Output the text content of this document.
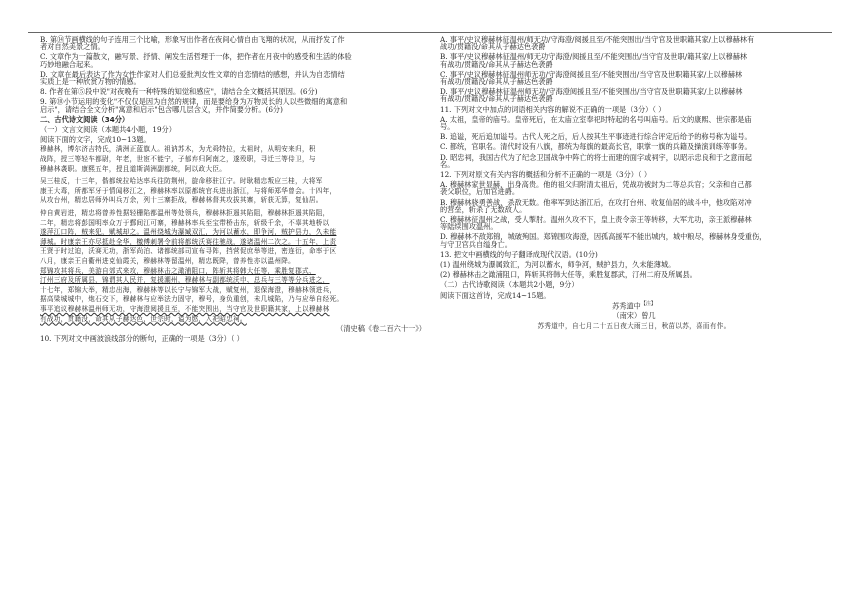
B. 第⑭节画横线的句子连用三个比喻，形象写出作者在夜间心情自由飞翔的状况，从而抒发了作

者对自然美景之情。

C. 文章作为一篇散文，融写景、抒情、阐发生活哲理于一体，把作者在月夜中的感受和生活的体验

巧妙地融合起来。

D. 文章在最后表达了作为女性作家对人们总爱批判女性文章的自恋情结的感想，并认为自恋情结

实质上是一种欣赏万物的情感。

8. 作者在第⑤段中说"对夜晚有一种特殊的知觉和感应"，请结合全文概括其原因。(6分)

9. 第⑩小节运用的变化"不仅仅是因为自然的规律，而是要给身为万物灵长的人以些微细的寓意和

启示"，请结合全文分析"寓意和启示"包含哪几层含义，并作简要分析。(6分)

二、古代诗文阅读（34分）

（一）文言文阅读（本题共4小题，19分）

阅读下面的文字，完成10~13题。

穆赫林，博尔济吉特氏，满洲正蓝旗人。祖讷苏木，为尤舜特拉，太祖时，从明安来归，积

战阵，授三等轻车都尉，年老，世宦不能宁，子郁弃归阿南之，遂殁职，寻迁三等侍卫，与

穆赫林袭职。康熙五年，授且道斯满洲副都统，阿以政大臣。

吴三桂反，十三年，偕都统拉哈达率兵往防荆州，旋命移驻江宁。时耿精忠叛应三桂，大将军

康王大毒，所都军牙于情闻移江之，穆赫林率以原都统官兵进出浙江，与将师郑华曾会。十四年，

从攻台州，精忠居师外叫兵万余，列十三寨拒战，穆赫林督其攻拔其寨，斩获无算，复仙居。

仲自黄岩进，精忠将曾养性据轻栅陷都温州等处领兵，穆赫林拒遏其陷阻，穆赫林拒遏其陷阻，

二年，精忠将彭国明率众万于鄞间江可寨，穆赫林率兵至宝带桥击东，斩级千余，不辜其地桥以

遂萍江口阵，贼来犯，赋城却之。温州绕城为瀑臧双汇，为河以蓄水，即争河，贼护县力，久未能

薄城。时康亲王亦尽抵赴全华，檄傅刺署令前将都统沃赛往驰战，遂诸温州二次之。十五年，上责

王贤于时过迫，沃赛无功，浙军尚泊、诸都统部司宣布寻阵，挡营促庶举等进，密连衍，命率于区

八月，康亲王自衢州进克仙霞关，穆赫林等留温州，精忠既降，曾养性亦以温州降。

郑锦攻其将兵，美游自郊式来攻，穆赫林击之澉浦阻口，阵斩其将韩大任等，乘胜复郡式、

汀州三府及所属县，锦谓其人民并，复援潮州，穆赫林与副都统沃申、总兵与三等等分兵进之，

十七年，郑锦大举，精忠出海，穆赫林等以长宁与锦军大战，赋复州，退保海澄，穆赫林领进兵，

据高梁城城中，炮石交下，穆赫林与应举法力固守，穆号，身负重创，未几城陷，乃与应举自经死。

事平追议穆赫林温州师无功，守海澄阅援且至，不能突围出，当守官及世职籍其家，上以穆赫林

有战功，贯籍没，命其从子赫达色，世宗时，谥为愍，入祀昭忠祠。

（清史稿《卷二百六十一》）

10. 下列对文中画波浪线部分的断句，正确的一项是（3分）（ ）

A. 事平/史议穆赫林征温州/师无功/守海澄/阅援且至/不能突围出/当守官及世职籍其家/上以穆赫林有

战功/贯籍没/命其从子赫达色袭爵

B. 事平/史议穆赫林征温州/师无功守海澄/阅援且至/不能突围出/当守官及世职/籍其家/上以穆赫林

有战功/贯籍没/命其从子赫达色袭爵

C. 事平/史议穆赫林征温州师无功/守海澄阅援且至/不能突围出/当守官及世职籍其家/上以穆赫林

有战功/贯籍没/命其从子赫达色袭爵

D. 事平/史议穆赫林征温州师无功/守海澄阅援且至/不能突围出/当守官及世职籍其家/上以穆赫林

有战功/贯籍没/命其从子赫达色袭爵

11. 下列对文中加点的词语相关内容的解说不正确的一项是（3分）（ ）

A. 太祖，皇帝的庙号。皇帝死后，在太庙立室奉祀时特起的名号叫庙号。后文的康熙、世宗都是庙

号。

B. 追谥，死后追加谥号。古代人死之后，后人按其生平事迹进行综合评定后给予的称号称为谥号。

C. 都统，官职名。清代时设有八旗，都统为每旗的最高长官，职掌一旗的兵籍及操演训练等事务。

D. 昭忠祠，我国古代为了纪念卫国战争中阵亡的将士而建的面字或祠宇，以昭示忠良和于之意而起

名。

12. 下列对原文有关内容的概括和分析不正确的一项是（3分）（ ）

A. 穆赫林家世显赫，出身高贵。他的祖父归附清太祖后，凭战功被封为二等总兵官；父亲和自己都

袭父职位，后加官进爵。

B. 穆赫林骁勇善战，杀敌无数。他率军到达浙江后，在攻打台州、收复仙居的战斗中，他攻陷对冲

的营垒，斩杀了无数敌人。

C. 穆赫林征温州之战，受人掣肘。温州久攻不下，皇上责令亲王等转移，大军尤功，亲王派穆赫林

等陆续围攻温州。

D. 穆赫林不敌郑锦，城破殉国。郑锦围攻海澄，因孤高援军不能出城内，城中粮尽，穆赫林身受重伤，

与守卫官兵自缢身亡。

13. 把文中画横线的句子翻译成现代汉语。(10分)

(1) 温州绕城为瀑属致汇，为河以蓄水，师争河，贼护县力，久未能薄城。

(2) 穆赫林击之澉浦阻口，阵斩其将韩大任等，乘胜复郡武，汀州二府及所属县。

（二）古代诗歌阅读（本题共2小题，9分）

阅读下面这首诗，完成14~15题。

苏秀道中$^{【注】}$

（南宋）曾几

苏秀道中，自七月二十五日夜大雨三日，秋苗以苏，喜而有作。
